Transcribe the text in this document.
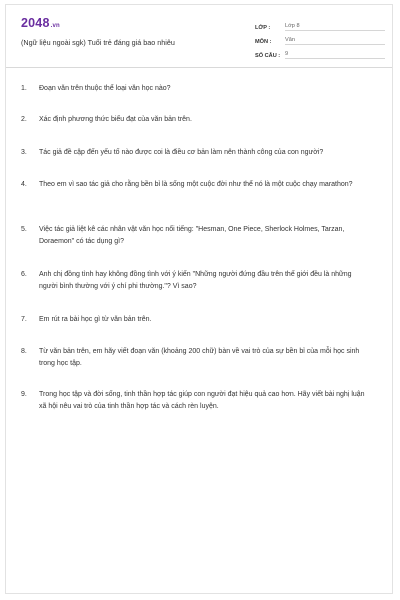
2048.vn
(Ngữ liệu ngoài sgk) Tuổi trẻ đáng giá bao nhiêu
LỚP :	Lớp 8
MÔN :	Văn
SỐ CÂU : 9
1.	Đoạn văn trên thuộc thể loại văn học nào?
2.	Xác định phương thức biểu đạt của văn bản trên.
3.	Tác giả đề cập đến yếu tố nào được coi là điều cơ bản làm nên thành công của con người?
4.	Theo em vì sao tác giả cho rằng bền bỉ là sống một cuộc đời như thể nó là một cuộc chạy marathon?
5.	Việc tác giả liệt kê các nhân vật văn học nổi tiếng: "Hesman, One Piece, Sherlock Holmes, Tarzan, Doraemon" có tác dụng gì?
6.	Anh chị đồng tình hay không đồng tình với ý kiến "Những người đứng đầu trên thế giới đều là những người bình thường với ý chí phi thường."? Vì sao?
7.	Em rút ra bài học gì từ văn bản trên.
8.	Từ văn bản trên, em hãy viết đoạn văn (khoảng 200 chữ) bàn về vai trò của sự bền bỉ của mỗi học sinh trong học tập.
9.	Trong học tập và đời sống, tinh thần hợp tác giúp con người đạt hiệu quả cao hơn. Hãy viết bài nghị luận xã hội nêu vai trò của tinh thần hợp tác và cách rèn luyện.
